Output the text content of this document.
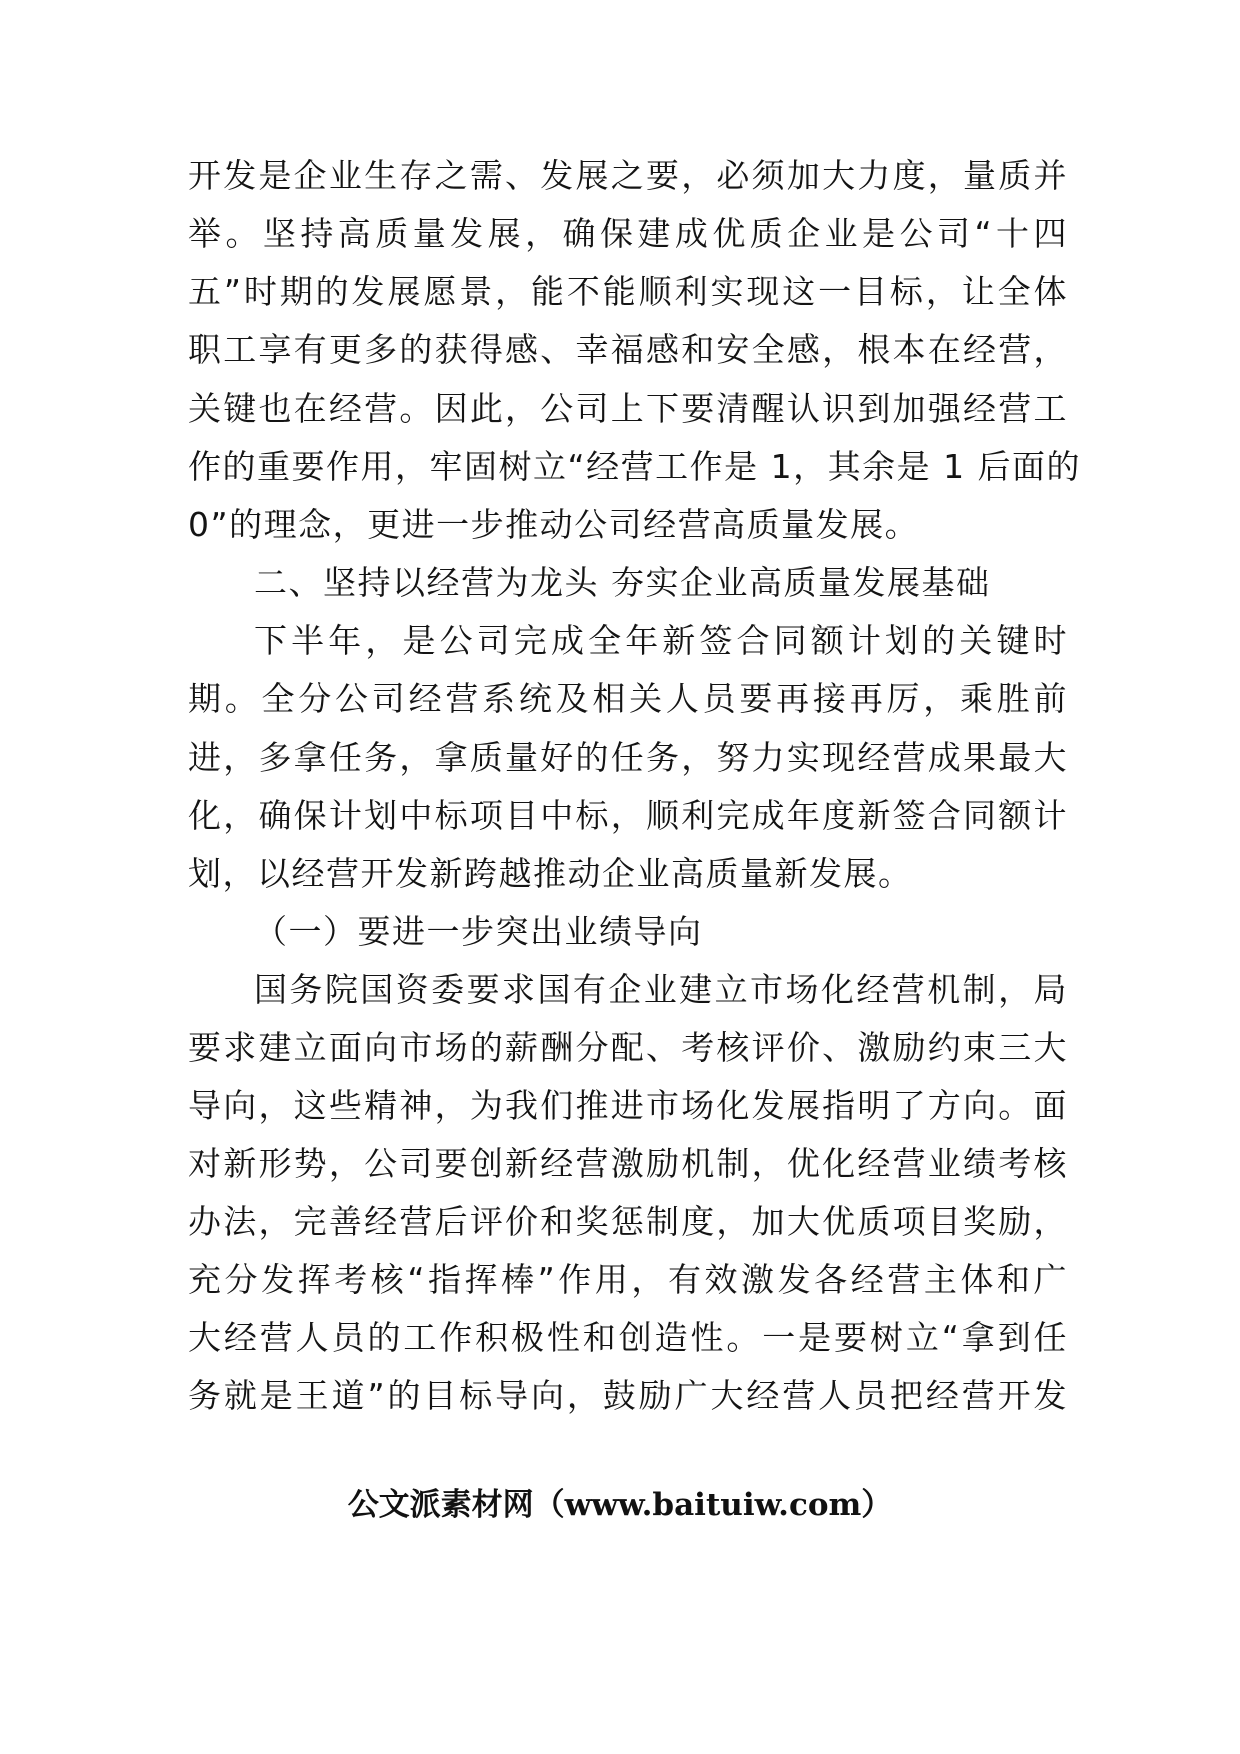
开发是企业生存之需、发展之要，必须加大力度，量质并
举。坚持高质量发展，确保建成优质企业是公司“十四
五”时期的发展愿景，能不能顺利实现这一目标，让全体
职工享有更多的获得感、幸福感和安全感，根本在经营，
关键也在经营。因此，公司上下要清醒认识到加强经营工
作的重要作用，牢固树立“经营工作是 1，其余是 1 后面的
0”的理念，更进一步推动公司经营高质量发展。
二、坚持以经营为龙头 夯实企业高质量发展基础
下半年，是公司完成全年新签合同额计划的关键时
期。全分公司经营系统及相关人员要再接再厉，乘胜前
进，多拿任务，拿质量好的任务，努力实现经营成果最大
化，确保计划中标项目中标，顺利完成年度新签合同额计
划，以经营开发新跨越推动企业高质量新发展。
（一）要进一步突出业绩导向
国务院国资委要求国有企业建立市场化经营机制，局
要求建立面向市场的薪酬分配、考核评价、激励约束三大
导向，这些精神，为我们推进市场化发展指明了方向。面
对新形势，公司要创新经营激励机制，优化经营业绩考核
办法，完善经营后评价和奖惩制度，加大优质项目奖励，
充分发挥考核“指挥棒”作用，有效激发各经营主体和广
大经营人员的工作积极性和创造性。一是要树立“拿到任
务就是王道”的目标导向，鼓励广大经营人员把经营开发
公文派素材网（www.baituiw.com）
